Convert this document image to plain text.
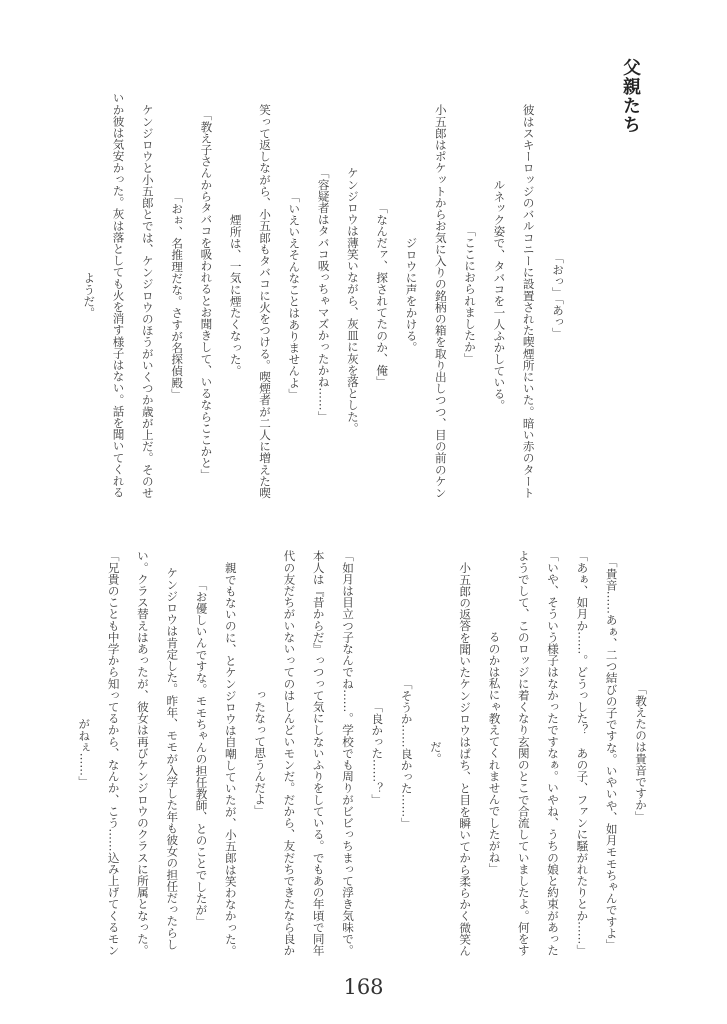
父親たち
「おっ」「あっ」
彼はスキーロッジのバルコニーに設置された喫煙所にいた。暗い赤のタート
ルネック姿で、タバコを一人ふかしている。
「ここにおられましたか」
小五郎はポケットからお気に入りの銘柄の箱を取り出しつつ、目の前のケン
ジロウに声をかける。
「なんだァ、探されてたのか、俺」
ケンジロウは薄笑いながら、灰皿に灰を落とした。
「容疑者はタバコ吸っちゃマズかったかね……」
「いえいえそんなことはありませんよ」
笑って返しながら、小五郎もタバコに火をつける。喫煙者が二人に増えた喫
煙所は、一気に煙たくなった。
「教え子さんからタバコを吸われるとお聞きして、いるならここかと」
「おぉ、名推理だな。さすが名探偵殿」
ケンジロウと小五郎とでは、ケンジロウのほうがいくつか歳が上だ。そのせ
いか彼は気安かった。灰は落としても火を消す様子はない。話を聞いてくれる
ようだ。
「教えたのは貴音ですか」
「貴音……あぁ、二つ結びの子ですな。いやいや、如月モモちゃんですよ」
「あぁ、如月か……。どうっした？　あの子、ファンに騒がれたりとか……」
「いや、そういう様子はなかったですなぁ。いやね、うちの娘と約束があった
ようでして、このロッジに着くなり玄関のとこで合流していましたよ。何をす
るのかは私にゃ教えてくれませんでしたがね」
小五郎の返答を聞いたケンジロウはぱち、と目を瞬いてから柔らかく微笑ん
だ。
「そうか……良かった……」
「良かった……？」
「如月は目立つ子なんでね……。学校でも周りがビビっちまって浮き気味で。
本人は『昔からだ』っつって気にしないふりをしている。でもあの年頃で同年
代の友だちがいないってのはしんどいモンだ。だから、友だちできたなら良か
ったなって思うんだよ」
親でもないのに、とケンジロウは自嘲していたが、小五郎は笑わなかった。
「お優しいんですな。モモちゃんの担任教師、とのことでしたが」
ケンジロウは肯定した。昨年、モモが入学した年も彼女の担任だったらし
い。クラス替えはあったが、彼女は再びケンジロウのクラスに所属となった。
「兄貴のことも中学から知ってるから、なんか、こう……込み上げてくるモン
がねぇ……」
168
